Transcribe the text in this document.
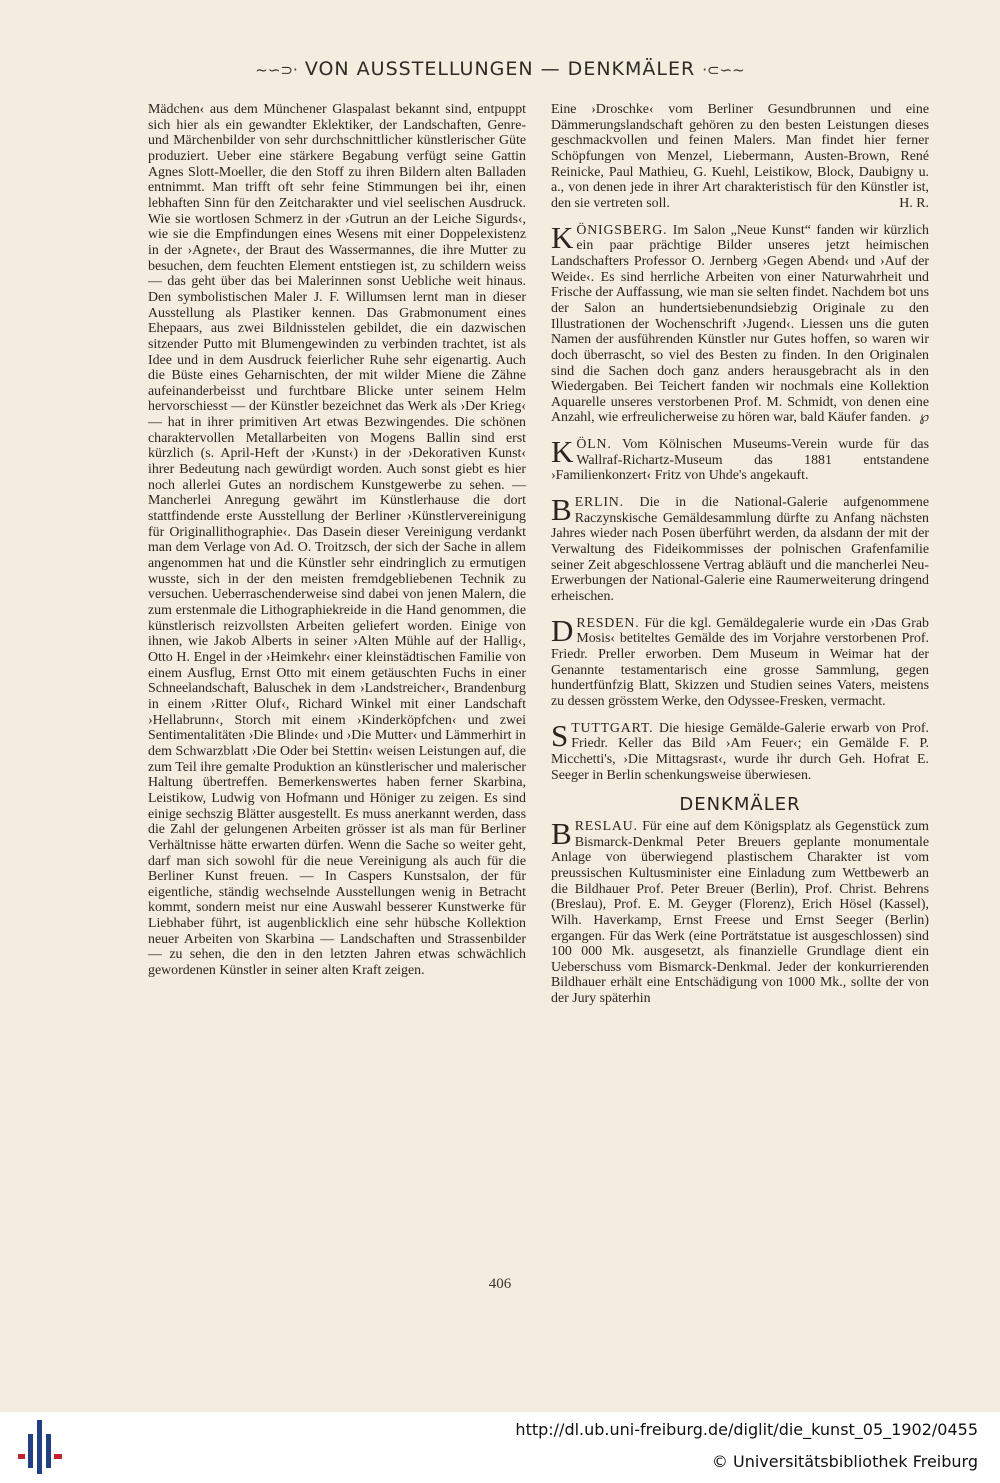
~∽⊃· VON AUSSTELLUNGEN — DENKMÄLER ·⊂∽~

Mädchen‹ aus dem Münchener Glaspalast bekannt sind, entpuppt sich hier als ein gewandter Eklektiker, der Landschaften, Genre- und Märchenbilder von sehr durchschnittlicher künstlerischer Güte produziert. Ueber eine stärkere Begabung verfügt seine Gattin Agnes Slott-Moeller, die den Stoff zu ihren Bildern alten Balladen entnimmt. Man trifft oft sehr feine Stimmungen bei ihr, einen lebhaften Sinn für den Zeitcharakter und viel seelischen Ausdruck. Wie sie wortlosen Schmerz in der ›Gutrun an der Leiche Sigurds‹, wie sie die Empfindungen eines Wesens mit einer Doppelexistenz in der ›Agnete‹, der Braut des Wassermannes, die ihre Mutter zu besuchen, dem feuchten Element entstiegen ist, zu schildern weiss — das geht über das bei Malerinnen sonst Uebliche weit hinaus. Den symbolistischen Maler J. F. Willumsen lernt man in dieser Ausstellung als Plastiker kennen. Das Grabmonument eines Ehepaars, aus zwei Bildnisstelen gebildet, die ein dazwischen sitzender Putto mit Blumengewinden zu verbinden trachtet, ist als Idee und in dem Ausdruck feierlicher Ruhe sehr eigenartig. Auch die Büste eines Geharnischten, der mit wilder Miene die Zähne aufeinanderbeisst und furchtbare Blicke unter seinem Helm hervorschiesst — der Künstler bezeichnet das Werk als ›Der Krieg‹ — hat in ihrer primitiven Art etwas Bezwingendes. Die schönen charaktervollen Metallarbeiten von Mogens Ballin sind erst kürzlich (s. April-Heft der ›Kunst‹) in der ›Dekorativen Kunst‹ ihrer Bedeutung nach gewürdigt worden. Auch sonst giebt es hier noch allerlei Gutes an nordischem Kunstgewerbe zu sehen. — Mancherlei Anregung gewährt im Künstlerhause die dort stattfindende erste Ausstellung der Berliner ›Künstlervereinigung für Originallithographie‹. Das Dasein dieser Vereinigung verdankt man dem Verlage von Ad. O. Troitzsch, der sich der Sache in allem angenommen hat und die Künstler sehr eindringlich zu ermutigen wusste, sich in der den meisten fremdgebliebenen Technik zu versuchen. Ueberraschenderweise sind dabei von jenen Malern, die zum erstenmale die Lithographiekreide in die Hand genommen, die künstlerisch reizvollsten Arbeiten geliefert worden. Einige von ihnen, wie Jakob Alberts in seiner ›Alten Mühle auf der Hallig‹, Otto H. Engel in der ›Heimkehr‹ einer kleinstädtischen Familie von einem Ausflug, Ernst Otto mit einem getäuschten Fuchs in einer Schneelandschaft, Baluschek in dem ›Landstreicher‹, Brandenburg in einem ›Ritter Oluf‹, Richard Winkel mit einer Landschaft ›Hellabrunn‹, Storch mit einem ›Kinderköpfchen‹ und zwei Sentimentalitäten ›Die Blinde‹ und ›Die Mutter‹ und Lämmerhirt in dem Schwarzblatt ›Die Oder bei Stettin‹ weisen Leistungen auf, die zum Teil ihre gemalte Produktion an künstlerischer und malerischer Haltung übertreffen. Bemerkenswertes haben ferner Skarbina, Leistikow, Ludwig von Hofmann und Höniger zu zeigen. Es sind einige sechszig Blätter ausgestellt. Es muss anerkannt werden, dass die Zahl der gelungenen Arbeiten grösser ist als man für Berliner Verhältnisse hätte erwarten dürfen. Wenn die Sache so weiter geht, darf man sich sowohl für die neue Vereinigung als auch für die Berliner Kunst freuen. — In Caspers Kunstsalon, der für eigentliche, ständig wechselnde Ausstellungen wenig in Betracht kommt, sondern meist nur eine Auswahl besserer Kunstwerke für Liebhaber führt, ist augenblicklich eine sehr hübsche Kollektion neuer Arbeiten von Skarbina — Landschaften und Strassenbilder — zu sehen, die den in den letzten Jahren etwas schwächlich gewordenen Künstler in seiner alten Kraft zeigen.

Eine ›Droschke‹ vom Berliner Gesundbrunnen und eine Dämmerungslandschaft gehören zu den besten Leistungen dieses geschmackvollen und feinen Malers. Man findet hier ferner Schöpfungen von Menzel, Liebermann, Austen-Brown, René Reinicke, Paul Mathieu, G. Kuehl, Leistikow, Block, Daubigny u. a., von denen jede in ihrer Art charakteristisch für den Künstler ist, den sie vertreten soll.	H. R.

K ÖNIGSBERG. Im Salon „Neue Kunst“ fanden wir kürzlich ein paar prächtige Bilder unseres jetzt heimischen Landschafters Professor O. Jernberg ›Gegen Abend‹ und ›Auf der Weide‹. Es sind herrliche Arbeiten von einer Naturwahrheit und Frische der Auffassung, wie man sie selten findet. Nachdem bot uns der Salon an hundertsiebenundsiebzig Originale zu den Illustrationen der Wochenschrift ›Jugend‹. Liessen uns die guten Namen der ausführenden Künstler nur Gutes hoffen, so waren wir doch überrascht, so viel des Besten zu finden. In den Originalen sind die Sachen doch ganz anders herausgebracht als in den Wiedergaben. Bei Teichert fanden wir nochmals eine Kollektion Aquarelle unseres verstorbenen Prof. M. Schmidt, von denen eine Anzahl, wie erfreulicherweise zu hören war, bald Käufer fanden. ℘

K ÖLN. Vom Kölnischen Museums-Verein wurde für das Wallraf-Richartz-Museum das 1881 entstandene ›Familienkonzert‹ Fritz von Uhde's angekauft.

B ERLIN. Die in die National-Galerie aufgenommene Raczynskische Gemäldesammlung dürfte zu Anfang nächsten Jahres wieder nach Posen überführt werden, da alsdann der mit der Verwaltung des Fideikommisses der polnischen Grafenfamilie seiner Zeit abgeschlossene Vertrag abläuft und die mancherlei Neu-Erwerbungen der National-Galerie eine Raumerweiterung dringend erheischen.

D RESDEN. Für die kgl. Gemäldegalerie wurde ein ›Das Grab Mosis‹ betiteltes Gemälde des im Vorjahre verstorbenen Prof. Friedr. Preller erworben. Dem Museum in Weimar hat der Genannte testamentarisch eine grosse Sammlung, gegen hundertfünfzig Blatt, Skizzen und Studien seines Vaters, meistens zu dessen grösstem Werke, den Odyssee-Fresken, vermacht.

S TUTTGART. Die hiesige Gemälde-Galerie erwarb von Prof. Friedr. Keller das Bild ›Am Feuer‹; ein Gemälde F. P. Micchetti's, ›Die Mittagsrast‹, wurde ihr durch Geh. Hofrat E. Seeger in Berlin schenkungsweise überwiesen.

DENKMÄLER

B RESLAU. Für eine auf dem Königsplatz als Gegenstück zum Bismarck-Denkmal Peter Breuers geplante monumentale Anlage von überwiegend plastischem Charakter ist vom preussischen Kultusminister eine Einladung zum Wettbewerb an die Bildhauer Prof. Peter Breuer (Berlin), Prof. Christ. Behrens (Breslau), Prof. E. M. Geyger (Florenz), Erich Hösel (Kassel), Wilh. Haverkamp, Ernst Freese und Ernst Seeger (Berlin) ergangen. Für das Werk (eine Porträtstatue ist ausgeschlossen) sind 100 000 Mk. ausgesetzt, als finanzielle Grundlage dient ein Ueberschuss vom Bismarck-Denkmal. Jeder der konkurrierenden Bildhauer erhält eine Entschädigung von 1000 Mk., sollte der von der Jury späterhin

406
http://dl.ub.uni-freiburg.de/diglit/die_kunst_05_1902/0455
© Universitätsbibliothek Freiburg
